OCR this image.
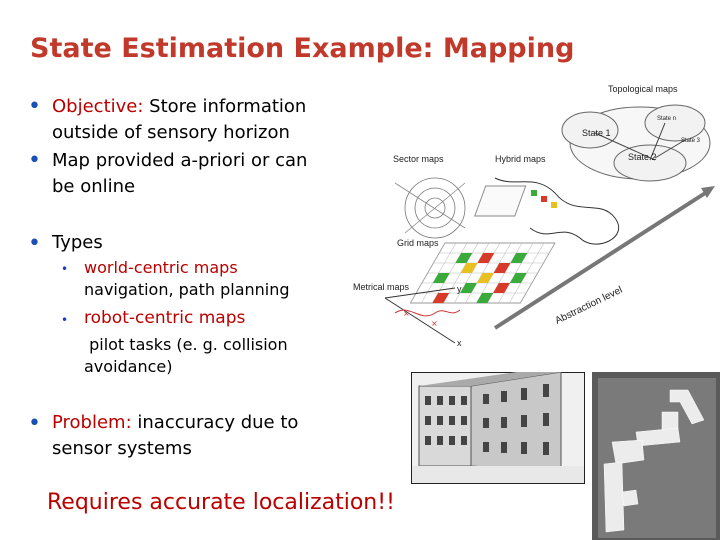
State Estimation Example: Mapping
• Objective: Store information
outside of sensory horizon
• Map provided a-priori or can
be online
• Types
• world-centric maps
navigation, path planning
• robot-centric maps
pilot tasks (e. g. collision
avoidance)
• Problem: inaccuracy due to
sensor systems
Requires accurate localization!!
Topological maps
State 1
State 2
State n
State 3
Hybrid maps
Sector maps
Grid maps
Metrical maps
×
×
y
x
Abstraction level
